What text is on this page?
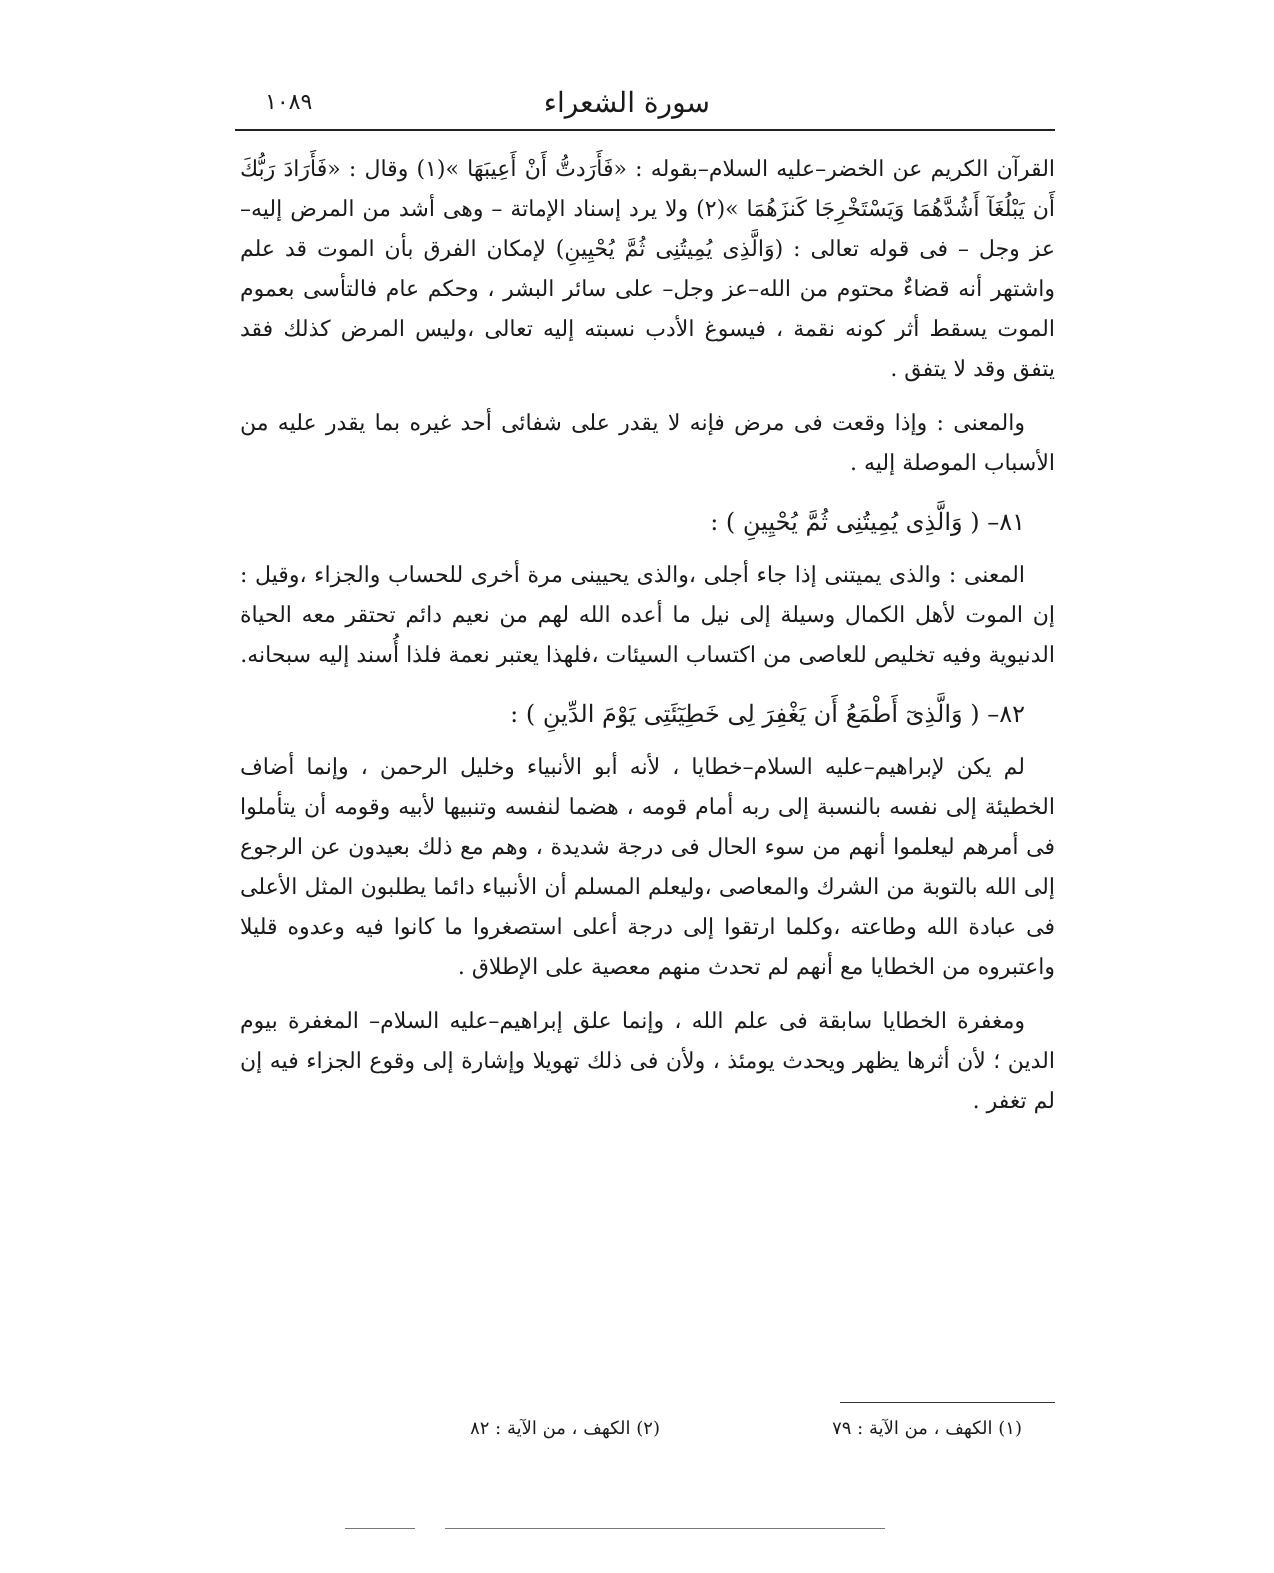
١٠٨٩	سورة الشعراء

القرآن الكريم عن الخضر–عليه السلام–بقوله : «فَأَرَدتُّ أَنْ أَعِيبَهَا »(١) وقال : «فَأَرَادَ رَبُّكَ أَن يَبْلُغَآ أَشُدَّهُمَا وَيَسْتَخْرِجَا كَنزَهُمَا »(٢) ولا يرد إسناد الإماتة – وهى أشد من المرض إليه– عز وجل – فى قوله تعالى : (وَالَّذِى يُمِيتُنِى ثُمَّ يُحْيِينِ) لإمكان الفرق بأن الموت قد علم واشتهر أنه قضاءٌ محتوم من الله–عز وجل– على سائر البشر ، وحكم عام فالتأسى بعموم الموت يسقط أثر كونه نقمة ، فيسوغ الأدب نسبته إليه تعالى ،وليس المرض كذلك فقد يتفق وقد لا يتفق .

والمعنى : وإذا وقعت فى مرض فإنه لا يقدر على شفائى أحد غيره بما يقدر عليه من الأسباب الموصلة إليه .

٨١– ( وَالَّذِى يُمِيتُنِى ثُمَّ يُحْيِينِ ) :

المعنى : والذى يميتنى إذا جاء أجلى ،والذى يحيينى مرة أخرى للحساب والجزاء ،وقيل : إن الموت لأهل الكمال وسيلة إلى نيل ما أعده الله لهم من نعيم دائم تحتقر معه الحياة الدنيوية وفيه تخليص للعاصى من اكتساب السيئات ،فلهذا يعتبر نعمة فلذا أُسند إليه سبحانه.

٨٢– ( وَالَّذِىٓ أَطْمَعُ أَن يَغْفِرَ لِى خَطِيٓئَتِى يَوْمَ الدِّينِ ) :

لم يكن لإبراهيم–عليه السلام–خطايا ، لأنه أبو الأنبياء وخليل الرحمن ، وإنما أضاف الخطيئة إلى نفسه بالنسبة إلى ربه أمام قومه ، هضما لنفسه وتنبيها لأبيه وقومه أن يتأملوا فى أمرهم ليعلموا أنهم من سوء الحال فى درجة شديدة ، وهم مع ذلك بعيدون عن الرجوع إلى الله بالتوبة من الشرك والمعاصى ،وليعلم المسلم أن الأنبياء دائما يطلبون المثل الأعلى فى عبادة الله وطاعته ،وكلما ارتقوا إلى درجة أعلى استصغروا ما كانوا فيه وعدوه قليلا واعتبروه من الخطايا مع أنهم لم تحدث منهم معصية على الإطلاق .

ومغفرة الخطايا سابقة فى علم الله ، وإنما علق إبراهيم–عليه السلام– المغفرة بيوم الدين ؛ لأن أثرها يظهر ويحدث يومئذ ، ولأن فى ذلك تهويلا وإشارة إلى وقوع الجزاء فيه إن لم تغفر .

(١) الكهف ، من الآية : ٧٩
(٢) الكهف ، من الآية : ٨٢
